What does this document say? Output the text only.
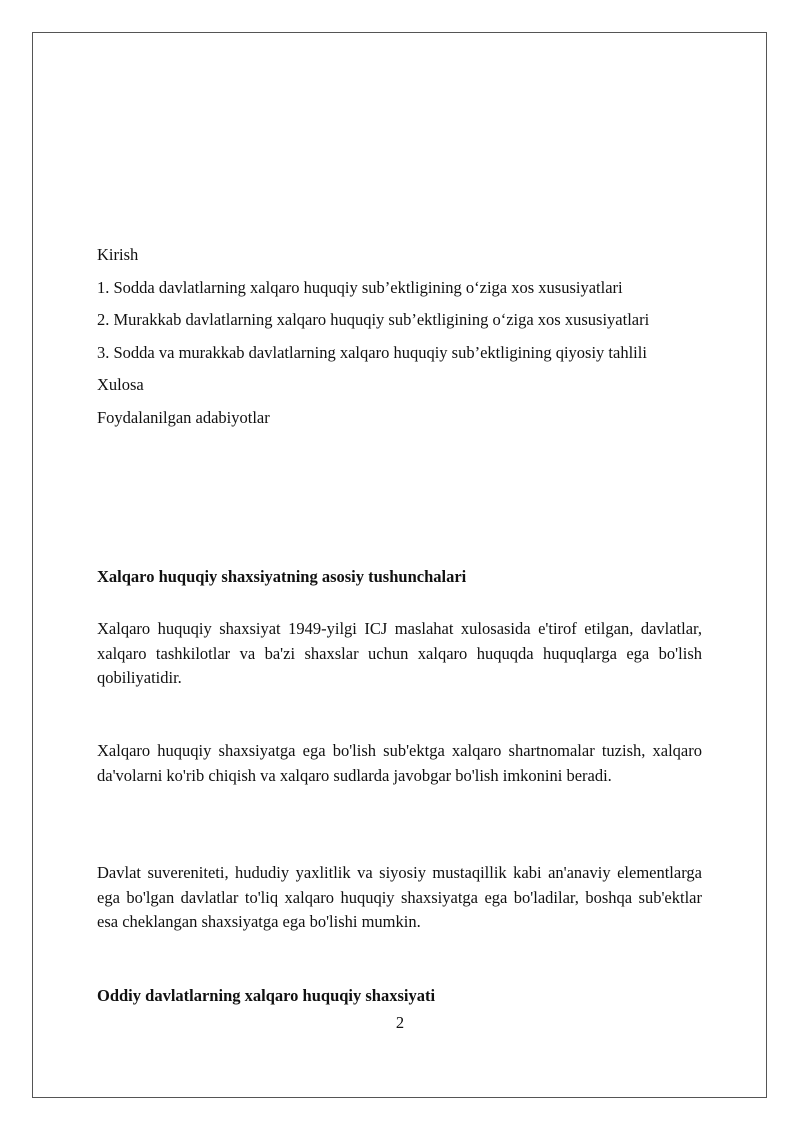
Kirish

1. Sodda davlatlarning xalqaro huquqiy sub’ektligining o‘ziga xos xususiyatlari

2. Murakkab davlatlarning xalqaro huquqiy sub’ektligining o‘ziga xos xususiyatlari

3. Sodda va murakkab davlatlarning xalqaro huquqiy sub’ektligining qiyosiy tahlili

Xulosa

Foydalanilgan adabiyotlar

Xalqaro huquqiy shaxsiyatning asosiy tushunchalari

Xalqaro huquqiy shaxsiyat 1949-yilgi ICJ maslahat xulosasida e'tirof etilgan, davlatlar, xalqaro tashkilotlar va ba'zi shaxslar uchun xalqaro huquqda huquqlarga ega bo'lish qobiliyatidir.

Xalqaro huquqiy shaxsiyatga ega bo'lish sub'ektga xalqaro shartnomalar tuzish, xalqaro da'volarni ko'rib chiqish va xalqaro sudlarda javobgar bo'lish imkonini beradi.

Davlat suvereniteti, hududiy yaxlitlik va siyosiy mustaqillik kabi an'anaviy elementlarga ega bo'lgan davlatlar to'liq xalqaro huquqiy shaxsiyatga ega bo'ladilar, boshqa sub'ektlar esa cheklangan shaxsiyatga ega bo'lishi mumkin.

Oddiy davlatlarning xalqaro huquqiy shaxsiyati
2
